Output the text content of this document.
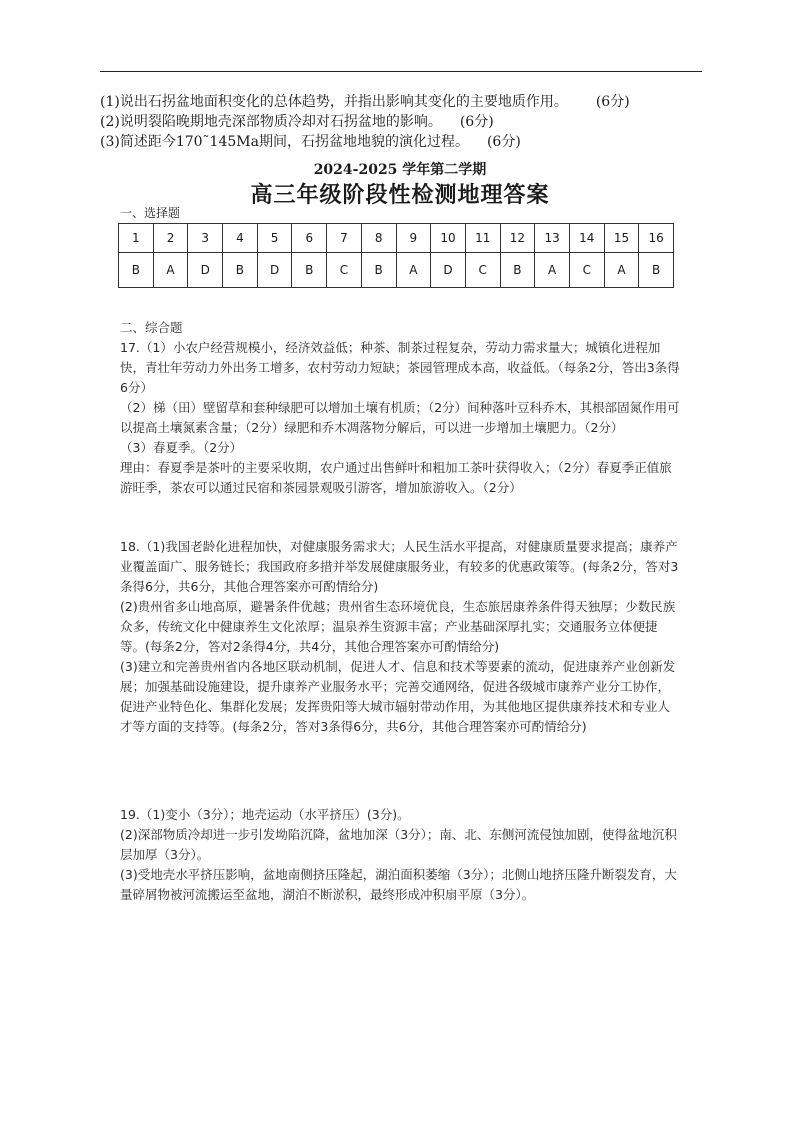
(1)说出石拐盆地面积变化的总体趋势，并指出影响其变化的主要地质作用。 (6分)
(2)说明裂陷晚期地壳深部物质冷却对石拐盆地的影响。 (6分)
(3)简述距今170˜145Ma期间，石拐盆地地貌的演化过程。 (6分)
2024-2025 学年第二学期
高三年级阶段性检测地理答案
一、选择题
1	2	3	4	5	6	7	8	9	10	11	12	13	14	15	16
B	A	D	B	D	B	C	B	A	D	C	B	A	C	A	B

二、综合题

17.（1）小农户经营规模小，经济效益低；种茶、制茶过程复杂，劳动力需求量大；城镇化进程加快，青壮年劳动力外出务工增多，农村劳动力短缺；茶园管理成本高，收益低。（每条2分，答出3条得6分）

（2）梯（田）壁留草和套种绿肥可以增加土壤有机质；（2分）间种落叶豆科乔木，其根部固氮作用可以提高土壤氮素含量；（2分）绿肥和乔木凋落物分解后，可以进一步增加土壤肥力。（2分）

（3）春夏季。（2分）

理由：春夏季是茶叶的主要采收期，农户通过出售鲜叶和粗加工茶叶获得收入；（2分）春夏季正值旅游旺季，茶农可以通过民宿和茶园景观吸引游客，增加旅游收入。（2分）

18.（1)我国老龄化进程加快，对健康服务需求大；人民生活水平提高，对健康质量要求提高；康养产业覆盖面广、服务链长；我国政府多措并举发展健康服务业，有较多的优惠政策等。(每条2分，答对3条得6分，共6分，其他合理答案亦可酌情给分)

(2)贵州省多山地高原，避暑条件优越；贵州省生态环境优良，生态旅居康养条件得天独厚；少数民族众多，传统文化中健康养生文化浓厚；温泉养生资源丰富；产业基础深厚扎实；交通服务立体便捷等。(每条2分，答对2条得4分，共4分，其他合理答案亦可酌情给分)

(3)建立和完善贵州省内各地区联动机制，促进人才、信息和技术等要素的流动，促进康养产业创新发展；加强基础设施建设，提升康养产业服务水平；完善交通网络，促进各级城市康养产业分工协作，促进产业特色化、集群化发展；发挥贵阳等大城市辐射带动作用，为其他地区提供康养技术和专业人才等方面的支持等。(每条2分，答对3条得6分，共6分，其他合理答案亦可酌情给分)

19.（1)变小（3分）；地壳运动（水平挤压）(3分)。

(2)深部物质冷却进一步引发坳陷沉降，盆地加深（3分）；南、北、东侧河流侵蚀加剧，使得盆地沉积层加厚（3分）。

(3)受地壳水平挤压影响，盆地南侧挤压隆起，湖泊面积萎缩（3分）；北侧山地挤压隆升断裂发育，大量碎屑物被河流搬运至盆地，湖泊不断淤积，最终形成冲积扇平原（3分）。
